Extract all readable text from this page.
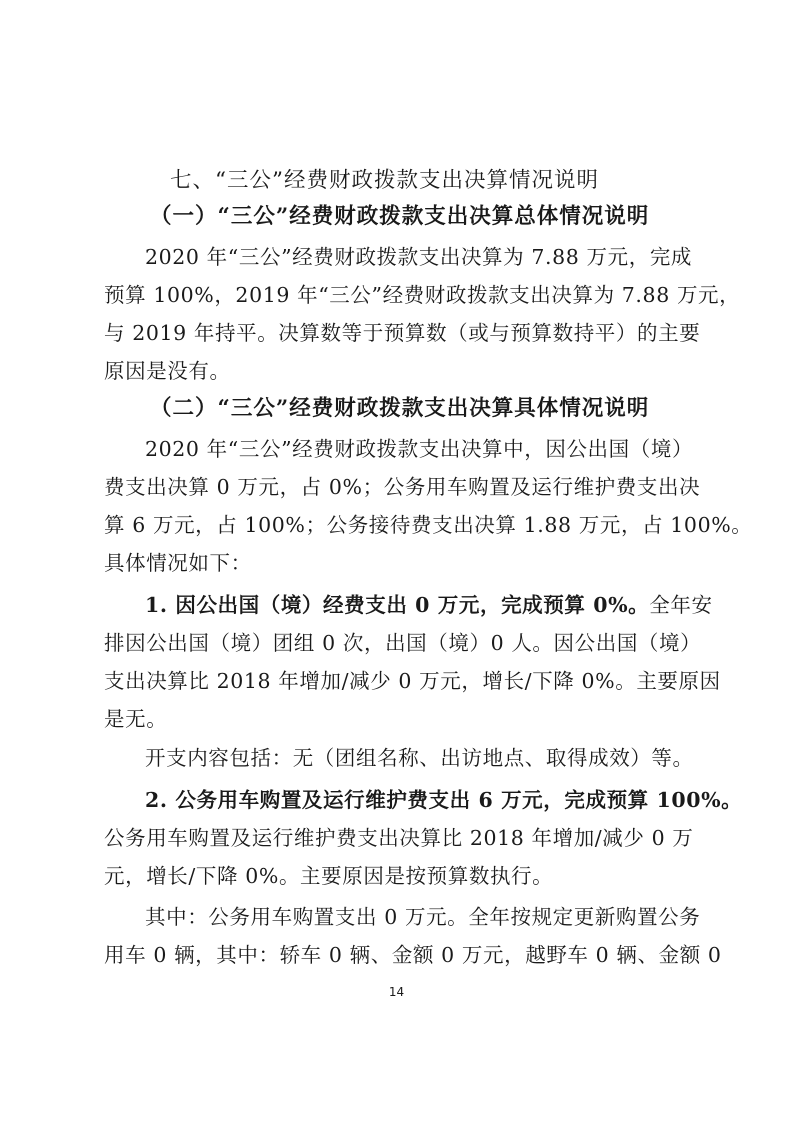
七、“三公”经费财政拨款支出决算情况说明
（一）“三公”经费财政拨款支出决算总体情况说明
2020 年“三公”经费财政拨款支出决算为 7.88 万元，完成
预算 100%，2019 年“三公”经费财政拨款支出决算为 7.88 万元，
与 2019 年持平。决算数等于预算数（或与预算数持平）的主要
原因是没有。
（二）“三公”经费财政拨款支出决算具体情况说明
2020 年“三公”经费财政拨款支出决算中，因公出国（境）
费支出决算 0 万元，占 0%；公务用车购置及运行维护费支出决
算 6 万元，占 100%；公务接待费支出决算 1.88 万元，占 100%。
具体情况如下：
1. 因公出国（境）经费支出 0 万元，完成预算 0%。全年安
排因公出国（境）团组 0 次，出国（境）0 人。因公出国（境）
支出决算比 2018 年增加/减少 0 万元，增长/下降 0%。主要原因
是无。
开支内容包括：无（团组名称、出访地点、取得成效）等。
2. 公务用车购置及运行维护费支出 6 万元，完成预算 100%。
公务用车购置及运行维护费支出决算比 2018 年增加/减少 0 万
元，增长/下降 0%。主要原因是按预算数执行。
其中：公务用车购置支出 0 万元。全年按规定更新购置公务
用车 0 辆，其中：轿车 0 辆、金额 0 万元，越野车 0 辆、金额 0
14
